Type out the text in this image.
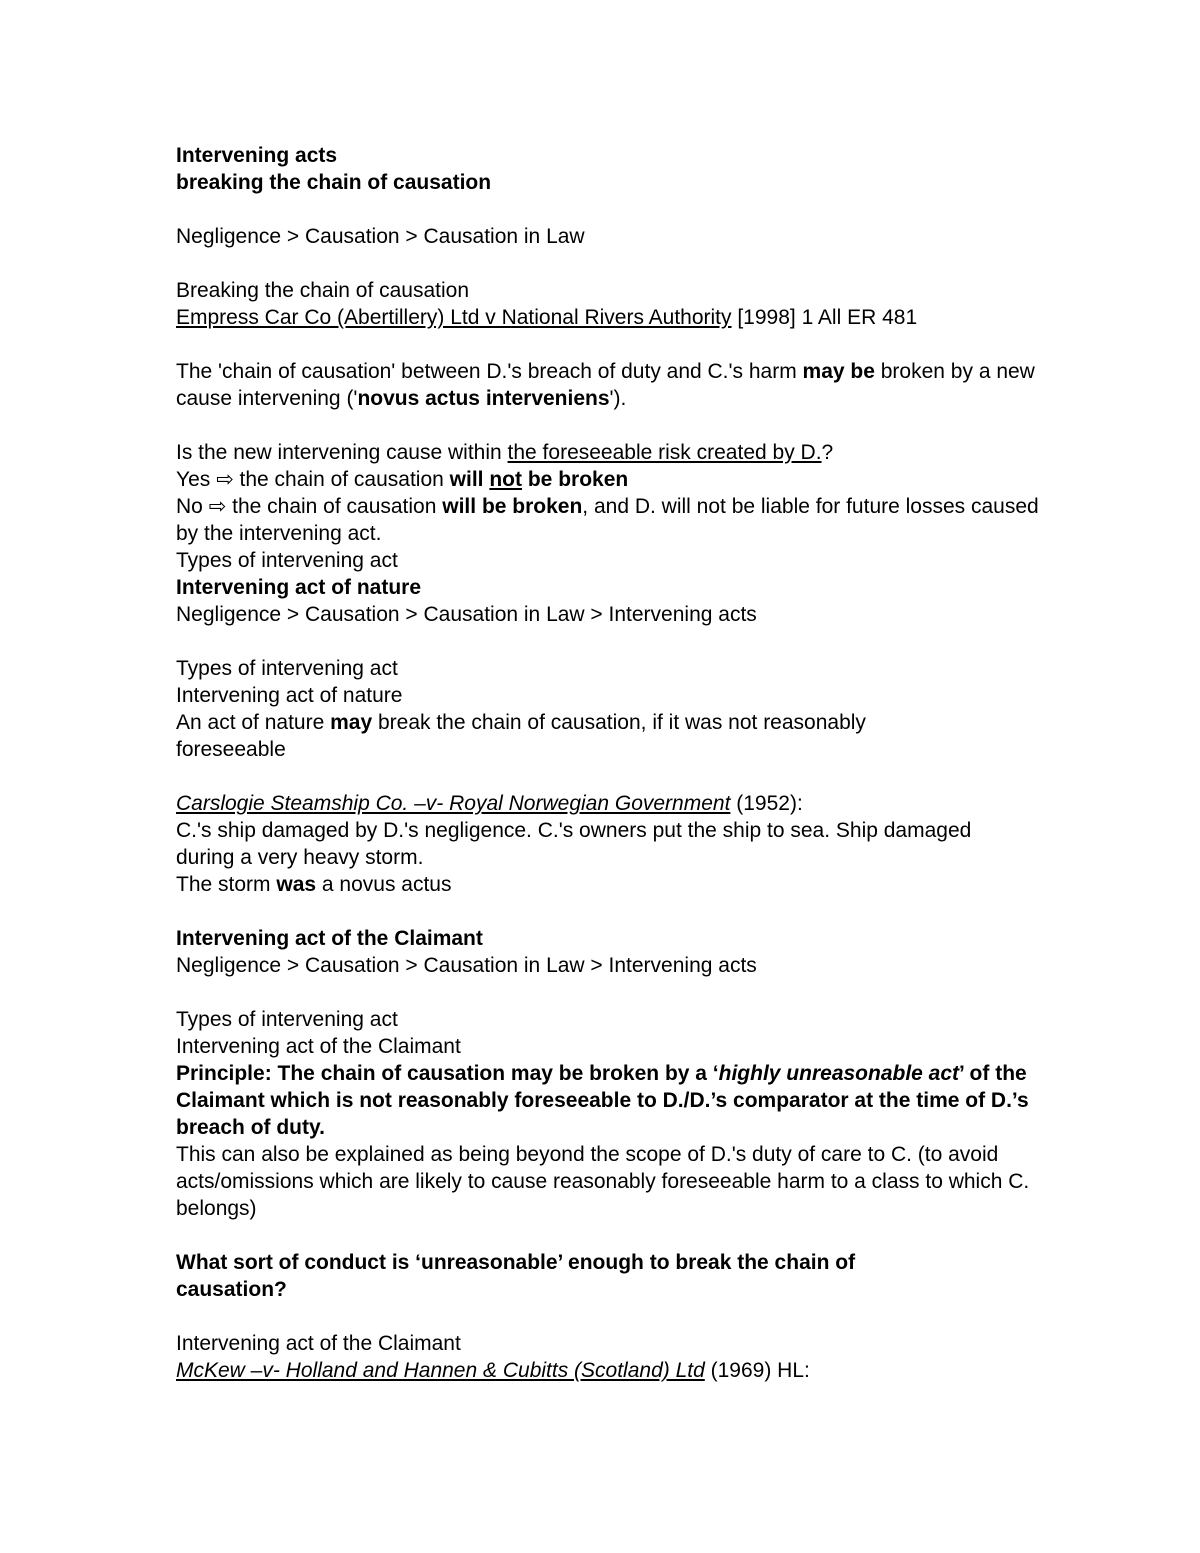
Intervening acts
breaking the chain of causation
Negligence > Causation > Causation in Law
Breaking the chain of causation
Empress Car Co (Abertillery) Ltd v National Rivers Authority [1998] 1 All ER 481
The 'chain of causation' between D.'s breach of duty and C.'s harm may be broken by a new cause intervening ('novus actus interveniens').
Is the new intervening cause within the foreseeable risk created by D.?
Yes ⇨ the chain of causation will not be broken
No ⇨ the chain of causation will be broken, and D. will not be liable for future losses caused by the intervening act.
Types of intervening act
Intervening act of nature
Negligence > Causation > Causation in Law > Intervening acts
Types of intervening act
Intervening act of nature
An act of nature may break the chain of causation, if it was not reasonably foreseeable
Carslogie Steamship Co. –v- Royal Norwegian Government (1952):
C.'s ship damaged by D.'s negligence. C.'s owners put the ship to sea. Ship damaged during a very heavy storm.
The storm was a novus actus
Intervening act of the Claimant
Negligence > Causation > Causation in Law > Intervening acts
Types of intervening act
Intervening act of the Claimant
Principle: The chain of causation may be broken by a ‘highly unreasonable act’ of the Claimant which is not reasonably foreseeable to D./D.’s comparator at the time of D.’s breach of duty.
This can also be explained as being beyond the scope of D.'s duty of care to C. (to avoid acts/omissions which are likely to cause reasonably foreseeable harm to a class to which C. belongs)
What sort of conduct is ‘unreasonable’ enough to break the chain of causation?
Intervening act of the Claimant
McKew –v- Holland and Hannen & Cubitts (Scotland) Ltd (1969) HL:
